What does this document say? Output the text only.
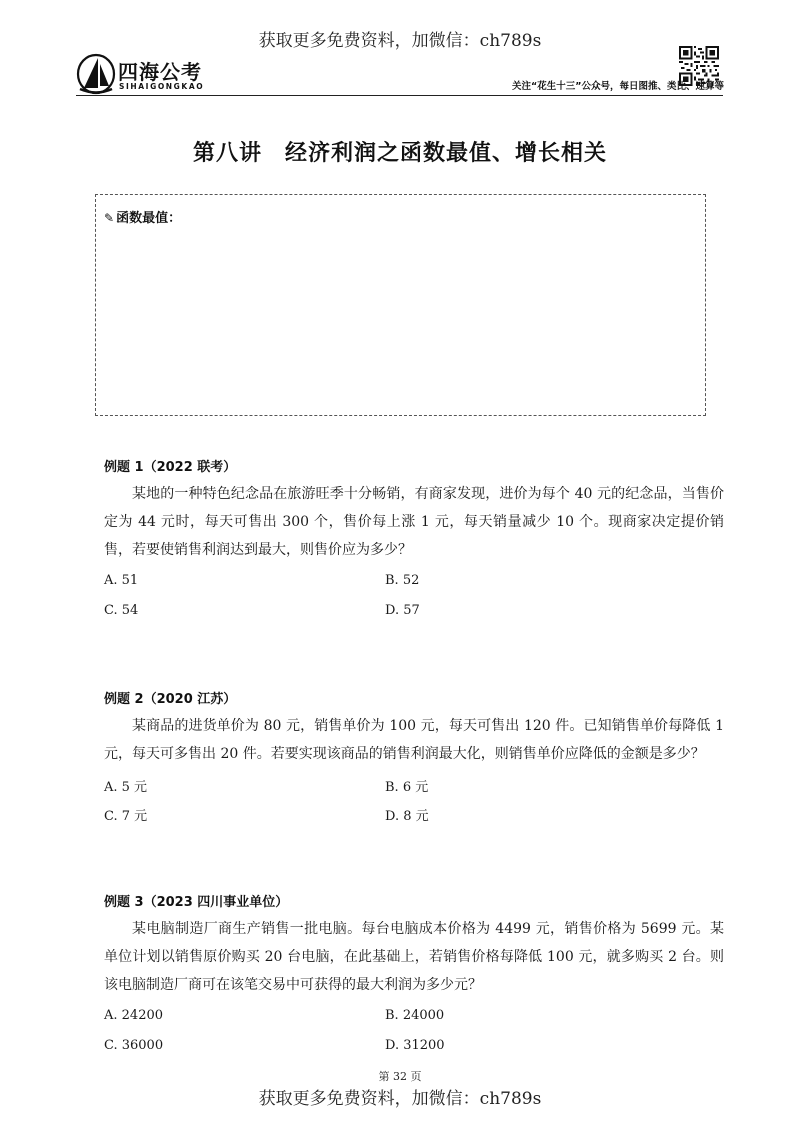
获取更多免费资料，加微信：ch789s
四海公考
SIHAIGONGKAO	关注“花生十三”公众号，每日图推、类比、速算等
第八讲　经济利润之函数最值、增长相关
✎ 函数最值：
例题 1（2022 联考）
某地的一种特色纪念品在旅游旺季十分畅销，有商家发现，进价为每个 40 元的纪念品，当售价定为 44 元时，每天可售出 300 个，售价每上涨 1 元，每天销量减少 10 个。现商家决定提价销售，若要使销售利润达到最大，则售价应为多少？
A. 51	B. 52
C. 54	D. 57
例题 2（2020 江苏）
某商品的进货单价为 80 元，销售单价为 100 元，每天可售出 120 件。已知销售单价每降低 1 元，每天可多售出 20 件。若要实现该商品的销售利润最大化，则销售单价应降低的金额是多少？
A. 5 元	B. 6 元
C. 7 元	D. 8 元
例题 3（2023 四川事业单位）
某电脑制造厂商生产销售一批电脑。每台电脑成本价格为 4499 元，销售价格为 5699 元。某单位计划以销售原价购买 20 台电脑，在此基础上，若销售价格每降低 100 元，就多购买 2 台。则该电脑制造厂商可在该笔交易中可获得的最大利润为多少元？
A. 24200	B. 24000
C. 36000	D. 31200
第 32 页
获取更多免费资料，加微信：ch789s
